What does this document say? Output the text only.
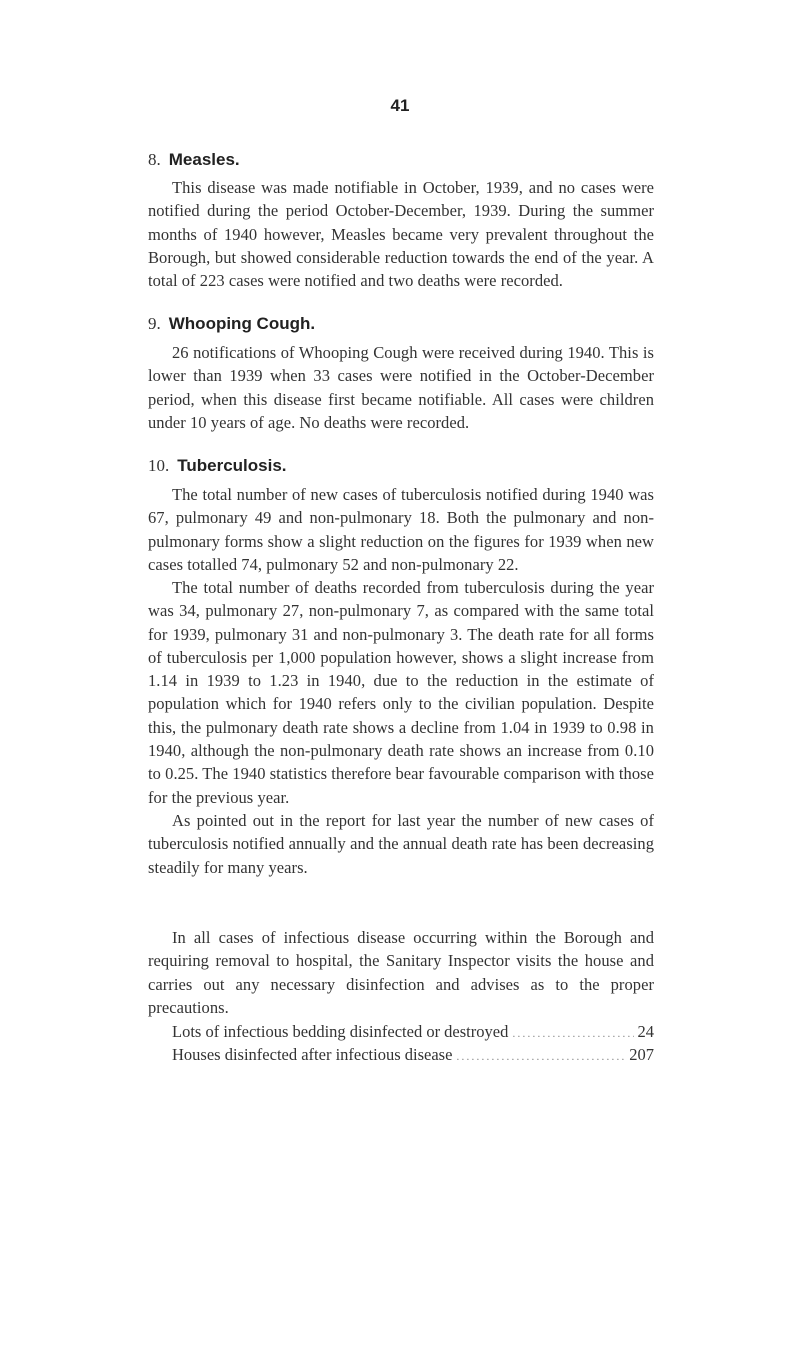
41
8. Measles.

This disease was made notifiable in October, 1939, and no cases were notified during the period October-December, 1939. During the summer months of 1940 however, Measles became very prevalent throughout the Borough, but showed considerable reduction towards the end of the year. A total of 223 cases were notified and two deaths were recorded.

9. Whooping Cough.

26 notifications of Whooping Cough were received during 1940. This is lower than 1939 when 33 cases were notified in the October-December period, when this disease first became notifiable. All cases were children under 10 years of age. No deaths were recorded.

10. Tuberculosis.

The total number of new cases of tuberculosis notified during 1940 was 67, pulmonary 49 and non-pulmonary 18. Both the pulmonary and non-pulmonary forms show a slight reduction on the figures for 1939 when new cases totalled 74, pulmonary 52 and non-pulmonary 22.

The total number of deaths recorded from tuberculosis during the year was 34, pulmonary 27, non-pulmonary 7, as compared with the same total for 1939, pulmonary 31 and non-pulmonary 3. The death rate for all forms of tuberculosis per 1,000 population however, shows a slight increase from 1.14 in 1939 to 1.23 in 1940, due to the reduction in the estimate of population which for 1940 refers only to the civilian population. Despite this, the pulmonary death rate shows a decline from 1.04 in 1939 to 0.98 in 1940, although the non-pulmonary death rate shows an increase from 0.10 to 0.25. The 1940 statistics therefore bear favourable comparison with those for the previous year.

As pointed out in the report for last year the number of new cases of tuberculosis notified annually and the annual death rate has been decreasing steadily for many years.

In all cases of infectious disease occurring within the Borough and requiring removal to hospital, the Sanitary Inspector visits the house and carries out any necessary disinfection and advises as to the proper precautions.

Lots of infectious bedding disinfected or destroyed .....	24
Houses disinfected after infectious disease .....	207
